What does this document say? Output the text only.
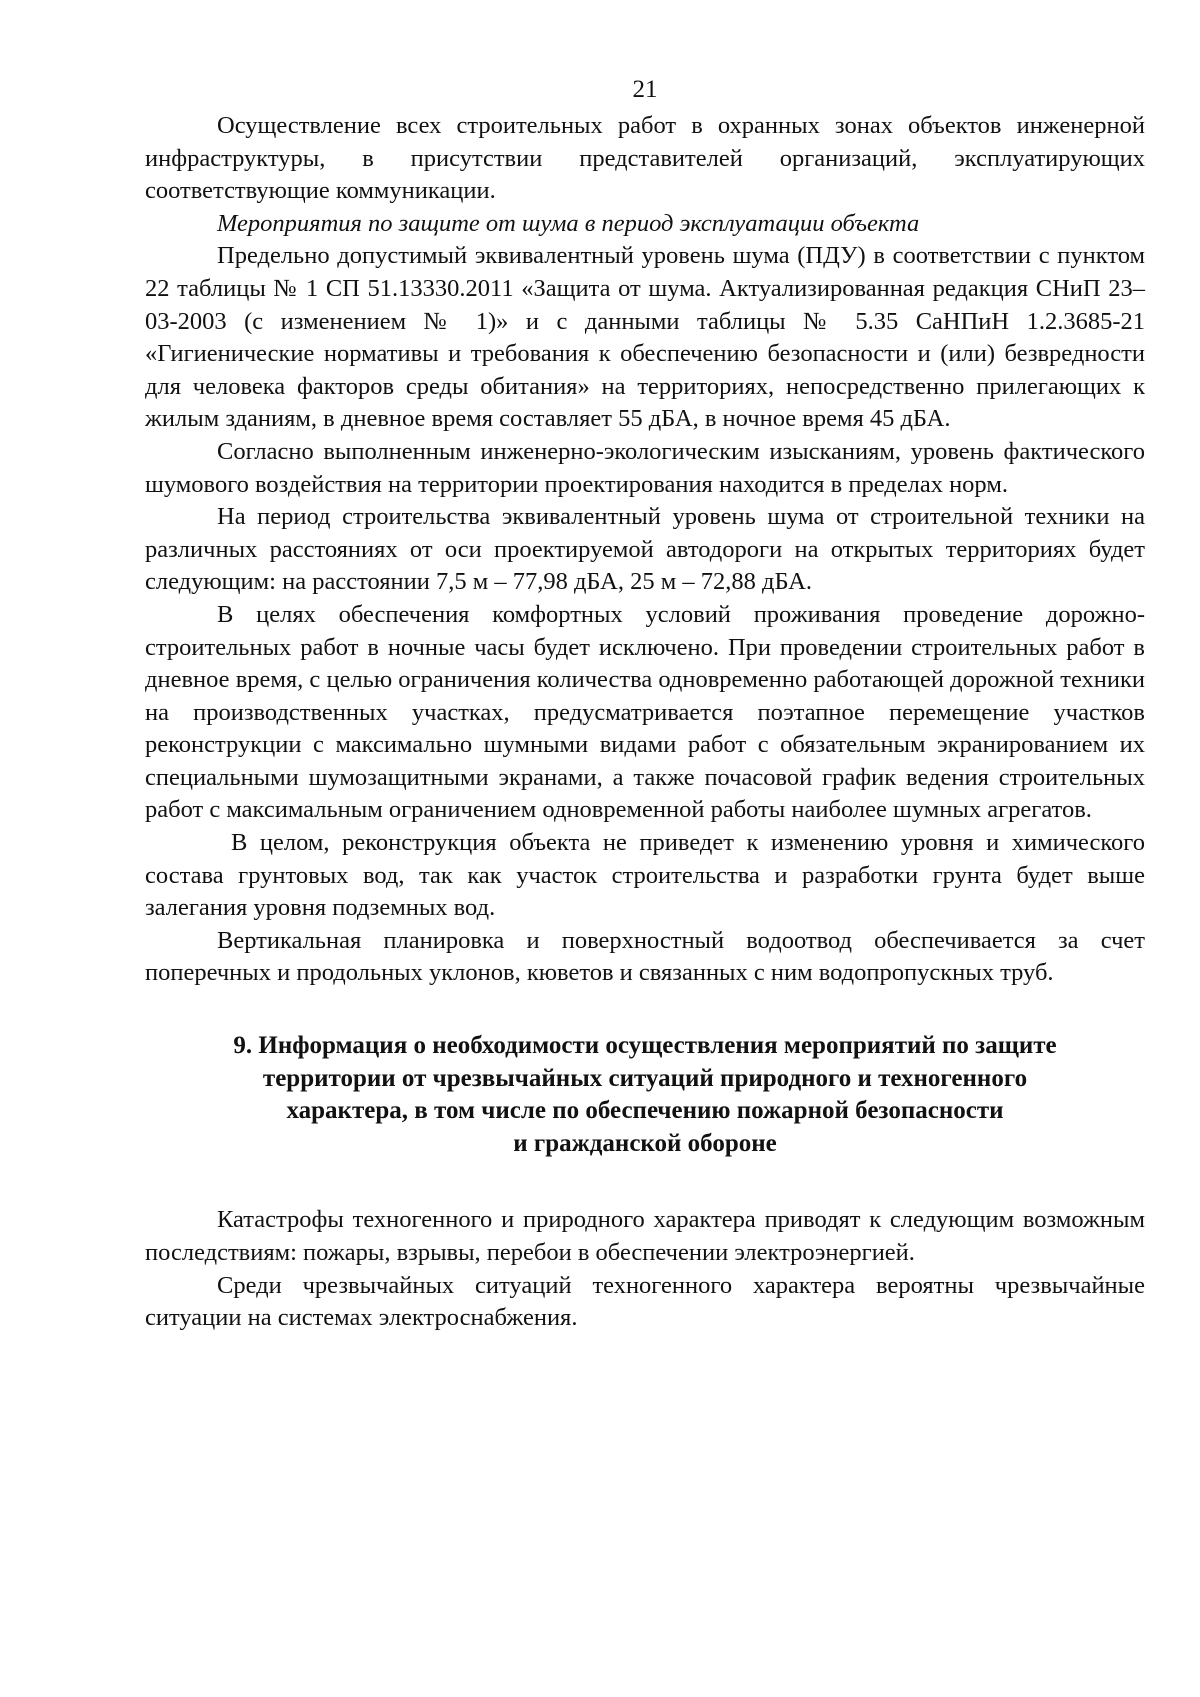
21

Осуществление всех строительных работ в охранных зонах объектов инженерной инфраструктуры, в присутствии представителей организаций, эксплуатирующих соответствующие коммуникации.

Мероприятия по защите от шума в период эксплуатации объекта

Предельно допустимый эквивалентный уровень шума (ПДУ) в соответствии с пунктом 22 таблицы № 1 СП 51.13330.2011 «Защита от шума. Актуализированная редакция СНиП 23–03-2003 (с изменением № 1)» и с данными таблицы № 5.35 СаНПиН 1.2.3685-21 «Гигиенические нормативы и требования к обеспечению безопасности и (или) безвредности для человека факторов среды обитания» на территориях, непосредственно прилегающих к жилым зданиям, в дневное время составляет 55 дБА, в ночное время 45 дБА.

Согласно выполненным инженерно-экологическим изысканиям, уровень фактического шумового воздействия на территории проектирования находится в пределах норм.

На период строительства эквивалентный уровень шума от строительной техники на различных расстояниях от оси проектируемой автодороги на открытых территориях будет следующим: на расстоянии 7,5 м – 77,98 дБА, 25 м – 72,88 дБА.

В целях обеспечения комфортных условий проживания проведение дорожно-строительных работ в ночные часы будет исключено. При проведении строительных работ в дневное время, с целью ограничения количества одновременно работающей дорожной техники на производственных участках, предусматривается поэтапное перемещение участков реконструкции с максимально шумными видами работ с обязательным экранированием их специальными шумозащитными экранами, а также почасовой график ведения строительных работ с максимальным ограничением одновременной работы наиболее шумных агрегатов.

В целом, реконструкция объекта не приведет к изменению уровня и химического состава грунтовых вод, так как участок строительства и разработки грунта будет выше залегания уровня подземных вод.

Вертикальная планировка и поверхностный водоотвод обеспечивается за счет поперечных и продольных уклонов, кюветов и связанных с ним водопропускных труб.

9. Информация о необходимости осуществления мероприятий по защите
территории от чрезвычайных ситуаций природного и техногенного
характера, в том числе по обеспечению пожарной безопасности
и гражданской обороне

Катастрофы техногенного и природного характера приводят к следующим возможным последствиям: пожары, взрывы, перебои в обеспечении электроэнергией.

Среди чрезвычайных ситуаций техногенного характера вероятны чрезвычайные ситуации на системах электроснабжения.
